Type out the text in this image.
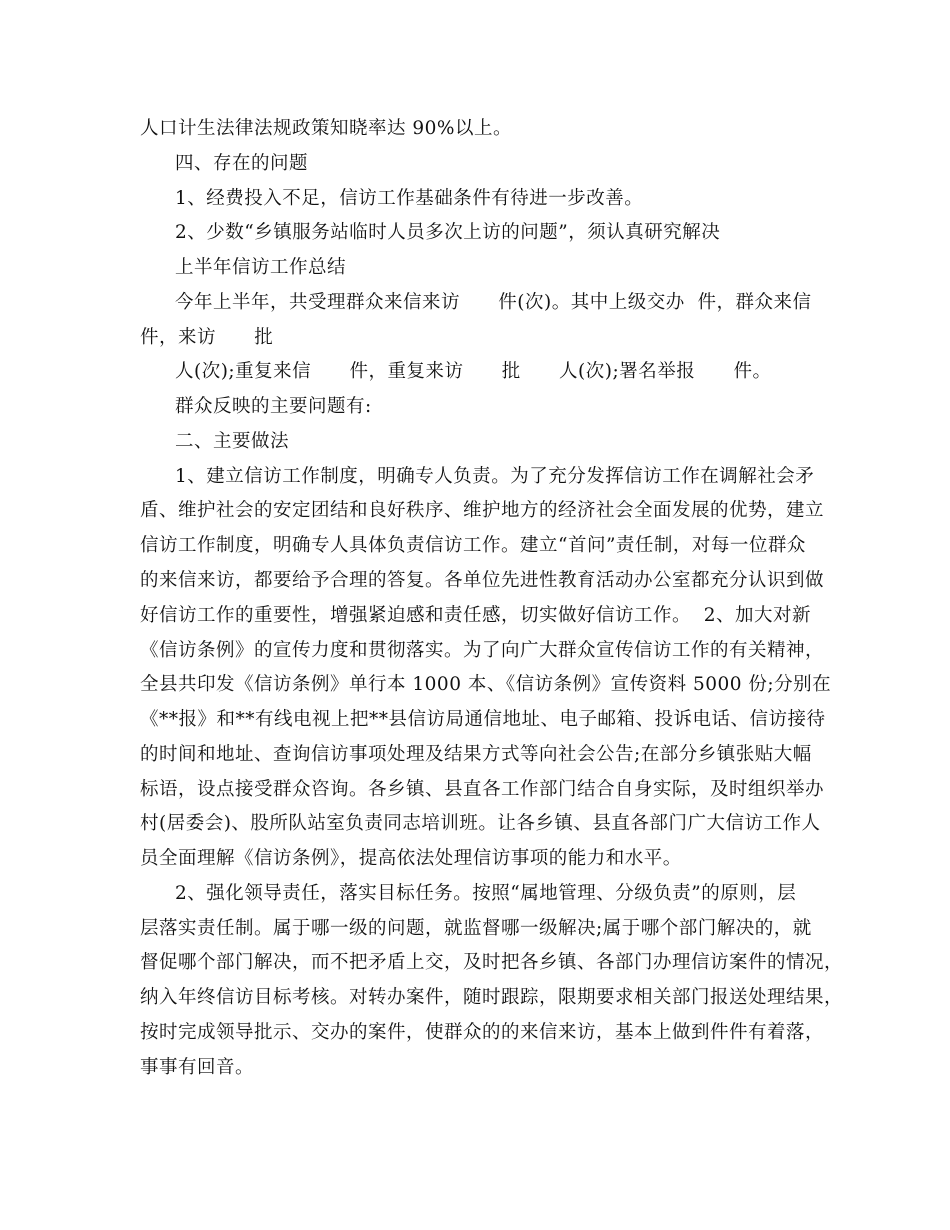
人口计生法律法规政策知晓率达 90%以上。
四、存在的问题
1、经费投入不足，信访工作基础条件有待进一步改善。
2、少数“乡镇服务站临时人员多次上访的问题”，须认真研究解决
上半年信访工作总结
今年上半年，共受理群众来信来访      件(次)。其中上级交办  件，群众来信
件，来访      批
人(次);重复来信      件，重复来访      批      人(次);署名举报      件。
群众反映的主要问题有:
二、主要做法
1、建立信访工作制度，明确专人负责。为了充分发挥信访工作在调解社会矛
盾、维护社会的安定团结和良好秩序、维护地方的经济社会全面发展的优势，建立
信访工作制度，明确专人具体负责信访工作。建立“首问”责任制，对每一位群众
的来信来访，都要给予合理的答复。各单位先进性教育活动办公室都充分认识到做
好信访工作的重要性，增强紧迫感和责任感，切实做好信访工作。  2、加大对新
《信访条例》的宣传力度和贯彻落实。为了向广大群众宣传信访工作的有关精神，
全县共印发《信访条例》单行本 1000 本、《信访条例》宣传资料 5000 份;分别在
《**报》和**有线电视上把**县信访局通信地址、电子邮箱、投诉电话、信访接待
的时间和地址、查询信访事项处理及结果方式等向社会公告;在部分乡镇张贴大幅
标语，设点接受群众咨询。各乡镇、县直各工作部门结合自身实际，及时组织举办
村(居委会)、股所队站室负责同志培训班。让各乡镇、县直各部门广大信访工作人
员全面理解《信访条例》，提高依法处理信访事项的能力和水平。
2、强化领导责任，落实目标任务。按照“属地管理、分级负责”的原则，层
层落实责任制。属于哪一级的问题，就监督哪一级解决;属于哪个部门解决的，就
督促哪个部门解决，而不把矛盾上交，及时把各乡镇、各部门办理信访案件的情况，
纳入年终信访目标考核。对转办案件，随时跟踪，限期要求相关部门报送处理结果，
按时完成领导批示、交办的案件，使群众的的来信来访，基本上做到件件有着落，
事事有回音。
